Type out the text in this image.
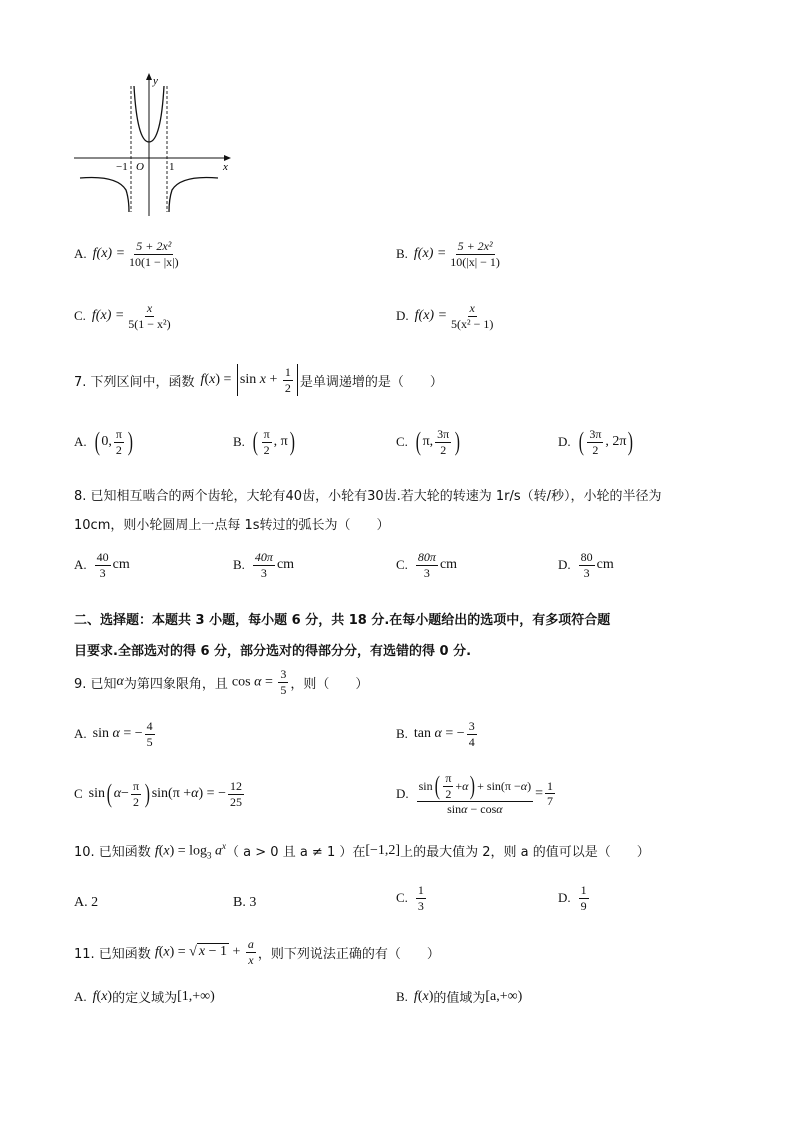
y
x
O
−1	1
A. $f(x) = \frac{\text{5 + 2x²}}{10(1 - |x|)}$	B. $f(x) = \frac{\text{5 + 2x²}}{10(|x| - 1)}$
C. $f(x) = \frac{x}{\text{5(1 − x²)}}$	D. $f(x) = \frac{x}{\text{5(x² − 1)}}$
7. 下列区间中，函数 $f(x) = \sin x + \frac{1}{2}$ 是单调递增的是（　　）
A. ( 0, $\frac{\pi}{2}$ )	B. ( $\frac{\pi}{2}$ , π )	C. ( π, $\frac{3\pi}{2}$ )	D. ( $\frac{3\pi}{2}$ , 2π )
8. 已知相互啮合的两个齿轮，大轮有40齿，小轮有30齿.若大轮的转速为 1r/s（转/秒），小轮的半径为
10cm，则小轮圆周上一点每 1s转过的弧长为（　　）
A. $\frac{40}{3}$ cm	B. $\frac{40\pi}{3}$ cm	C. $\frac{80\pi}{3}$ cm	D. $\frac{80}{3}$ cm
二、选择题：本题共 3 小题，每小题 6 分，共 18 分.在每小题给出的选项中，有多项符合题
目要求.全部选对的得 6 分，部分选对的得部分分，有选错的得 0 分.
9. 已知 α 为第四象限角，且 $\cos \alpha = \frac{3}{5}$ ，则（　　）
A. sin α = − $\frac{4}{5}$	B. tan α = − $\frac{3}{4}$
C sin ( $\alpha - \frac{\pi}{2}$ ) sin(π + α ) = − $\frac{12}{25}$	D. $\frac{\sin ( \frac{\pi}{2} + \alpha ) + \sin(\pi - \alpha )}{\sin\alpha - \cos\alpha} = \frac{1}{7}$
10. 已知函数 $f(x) = \log_3 a^x$ （ a > 0 且 a ≠ 1 ）在 [−1,2] 上的最大值为 2，则 a 的值可以是（　　）
A. 2	B. 3	C. $\frac{1}{3}$	D. $\frac{1}{9}$
11. 已知函数 f(x) = √ $x - 1 + \frac{a}{x}$ ，则下列说法正确的有（　　）
A. f(x) 的定义域为 [1,+∞)	B. f(x) 的值域为 [a,+∞)
